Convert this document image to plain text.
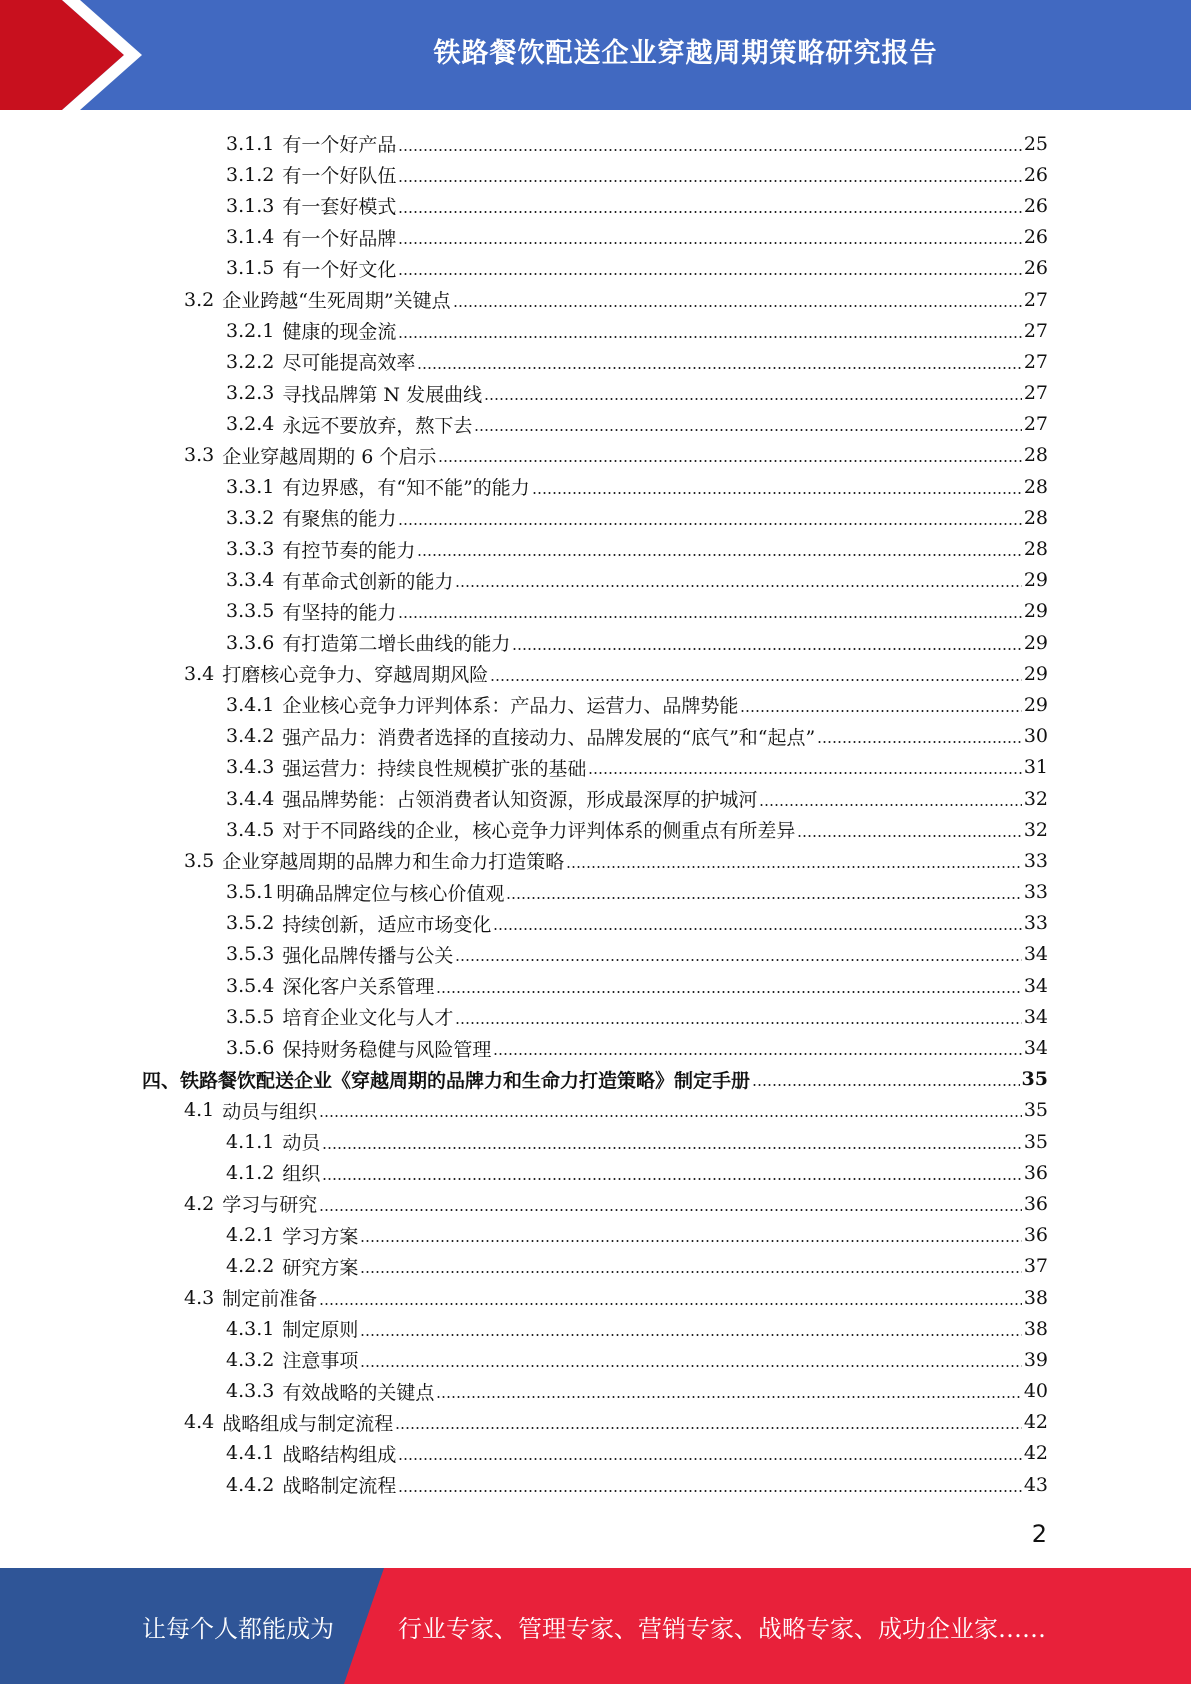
铁路餐饮配送企业穿越周期策略研究报告
3.1.1 有一个好产品	25
3.1.2 有一个好队伍	26
3.1.3 有一套好模式	26
3.1.4 有一个好品牌	26
3.1.5 有一个好文化	26
3.2 企业跨越“生死周期”关键点	27
3.2.1 健康的现金流	27
3.2.2 尽可能提高效率	27
3.2.3 寻找品牌第 N 发展曲线	27
3.2.4 永远不要放弃，熬下去	27
3.3 企业穿越周期的 6 个启示	28
3.3.1 有边界感，有“知不能”的能力	28
3.3.2 有聚焦的能力	28
3.3.3 有控节奏的能力	28
3.3.4 有革命式创新的能力	29
3.3.5 有坚持的能力	29
3.3.6 有打造第二增长曲线的能力	29
3.4 打磨核心竞争力、穿越周期风险	29
3.4.1 企业核心竞争力评判体系：产品力、运营力、品牌势能	29
3.4.2 强产品力：消费者选择的直接动力、品牌发展的“底气”和“起点”	30
3.4.3 强运营力：持续良性规模扩张的基础	31
3.4.4 强品牌势能：占领消费者认知资源，形成最深厚的护城河	32
3.4.5 对于不同路线的企业，核心竞争力评判体系的侧重点有所差异	32
3.5 企业穿越周期的品牌力和生命力打造策略	33
3.5.1 明确品牌定位与核心价值观	33
3.5.2 持续创新，适应市场变化	33
3.5.3 强化品牌传播与公关	34
3.5.4 深化客户关系管理	34
3.5.5 培育企业文化与人才	34
3.5.6 保持财务稳健与风险管理	34
四、铁路餐饮配送企业《穿越周期的品牌力和生命力打造策略》制定手册	35
4.1 动员与组织	35
4.1.1 动员	35
4.1.2 组织	36
4.2 学习与研究	36
4.2.1 学习方案	36
4.2.2 研究方案	37
4.3 制定前准备	38
4.3.1 制定原则	38
4.3.2 注意事项	39
4.3.3 有效战略的关键点	40
4.4 战略组成与制定流程	42
4.4.1 战略结构组成	42
4.4.2 战略制定流程	43
2
让每个人都能成为	行业专家、管理专家、营销专家、战略专家、成功企业家……
